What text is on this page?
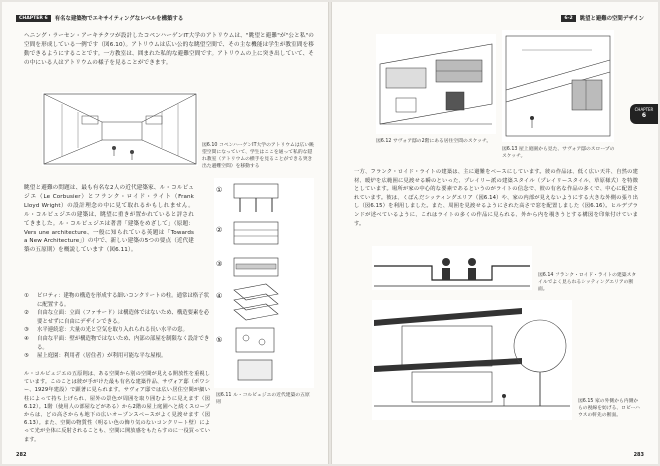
CHAPTER 6	有名な建築物でエキサイティングなレベルを構築する

ヘニング・ラーセン・アーキテクツが設計したコペンハーゲンIT大学のアトリウムは、"眺望と避難"が"公と私"の空間を形成している一例です（図6.10）。アトリウムは広い公的な眺望空間で、その主な機能は学生が教室間を移動できるようにすることです。一方教室は、囲まれた私的な避難空間です。アトリウムの上に突き出していて、その中にいる人はアトリウムの様子を見ることができます。

図6.10 コペンハーゲンIT大学のアトリウムは広い眺望空間になっていて、学生はここを通って私的な隠れ教室（アトリウムの横手を見ることができる突き出た避難空間）を移動する

眺望と避難の問題は、最も有名な2人の近代建築家、ル・コルビュジエ（Le Corbusier）とフランク・ロイド・ライト（Frank Lloyd Wright）の設計理念の中に見て取れるかもしれません。ル・コルビュジエの建築は、眺望に重きが置かれていると評されてきました。ル・コルビュジエは著書「建築をめざして」（原題：Vers une architecture、一般に知られている英題は「Towards a New Architecture」）の中で、新しい建築の5つの要点（近代建築の五原則）を概説しています（図6.11）。

①
②
③
④
⑤
①	ピロティ：建物の構造を形成する細いコンクリートの柱。通常は格子状に配置する。
②	自由な立面：立面（ファサード）は構造体ではないため、構造要素を必要とせずに自由にデザインできる。
③	水平連続窓：大量の光と空気を取り入れられる長い水平の窓。
④	自由な平面：壁が構造物ではないため、内部の部屋を制限なく設計できる。
⑤	屋上庭園：利用者（居住者）が利用可能な平な屋根。

図6.11 ル・コルビュジエの近代建築の五原則

ル・コルビュジエの五原則は、ある空間から別の空間が見える開放性を重視しています。このことは彼が手がけた最も有名な建築作品、サヴォア邸（ポワシー、1929年建設）で顕著に見られます。サヴォア邸では広い居住空間が細い柱によって持ち上げられ、屋外の景色が周囲を取り囲むように見えます（図6.12）。1階（使用人の部屋などがある）から2階の屋上庭園へと続くスロープからは、どの高さからも地下の広いオープンスペースがよく見渡せます（図6.13）。また、空間の物質性（明るい色の飾り気のないコンクリート壁）によって光が全体に反射されることも、空間に開放感をもたらすのに一役買っています。

282
6-2	眺望と避難の空間デザイン
CHAPTER
6

図6.12 サヴォア邸の2階にある居住空間のスケッチ。

図6.13 屋上庭園から見た、サヴォア邸のスロープのスケッチ。

一方、フランク・ロイド・ライトの建築は、主に避難をベースにしています。彼の作品は、低く広い天井、自然の建材、暖炉を広範囲に見渡せる瞬のといった、プレイリー派の建築スタイル（プレイリースタイル、草原様式）を特徴としています。場所が家の中心的な要素であるというのがライトの信念で、彼の有名な作品の多くで、中心に配置されています。彼は、くぼんだシッティングエリア（図6.14）や、家の内部が見えないようにする大きな外側の張り出し（図6.15）を利用しました。また、周囲を見渡せるようにされた高さで窓を配置しました（図6.16）。ヒルデブランドが述べているように、これはライトの多くの作品に見られる、外から内を覗きうとする構図を印象付けています。

図6.14 フランク・ロイド・ライトの建築スタイルでよく見られるシッティングエリアの断面。

図6.15 家の外側から内側からの視線を妨げる、ロビーハウスの軒先の断面。

283
